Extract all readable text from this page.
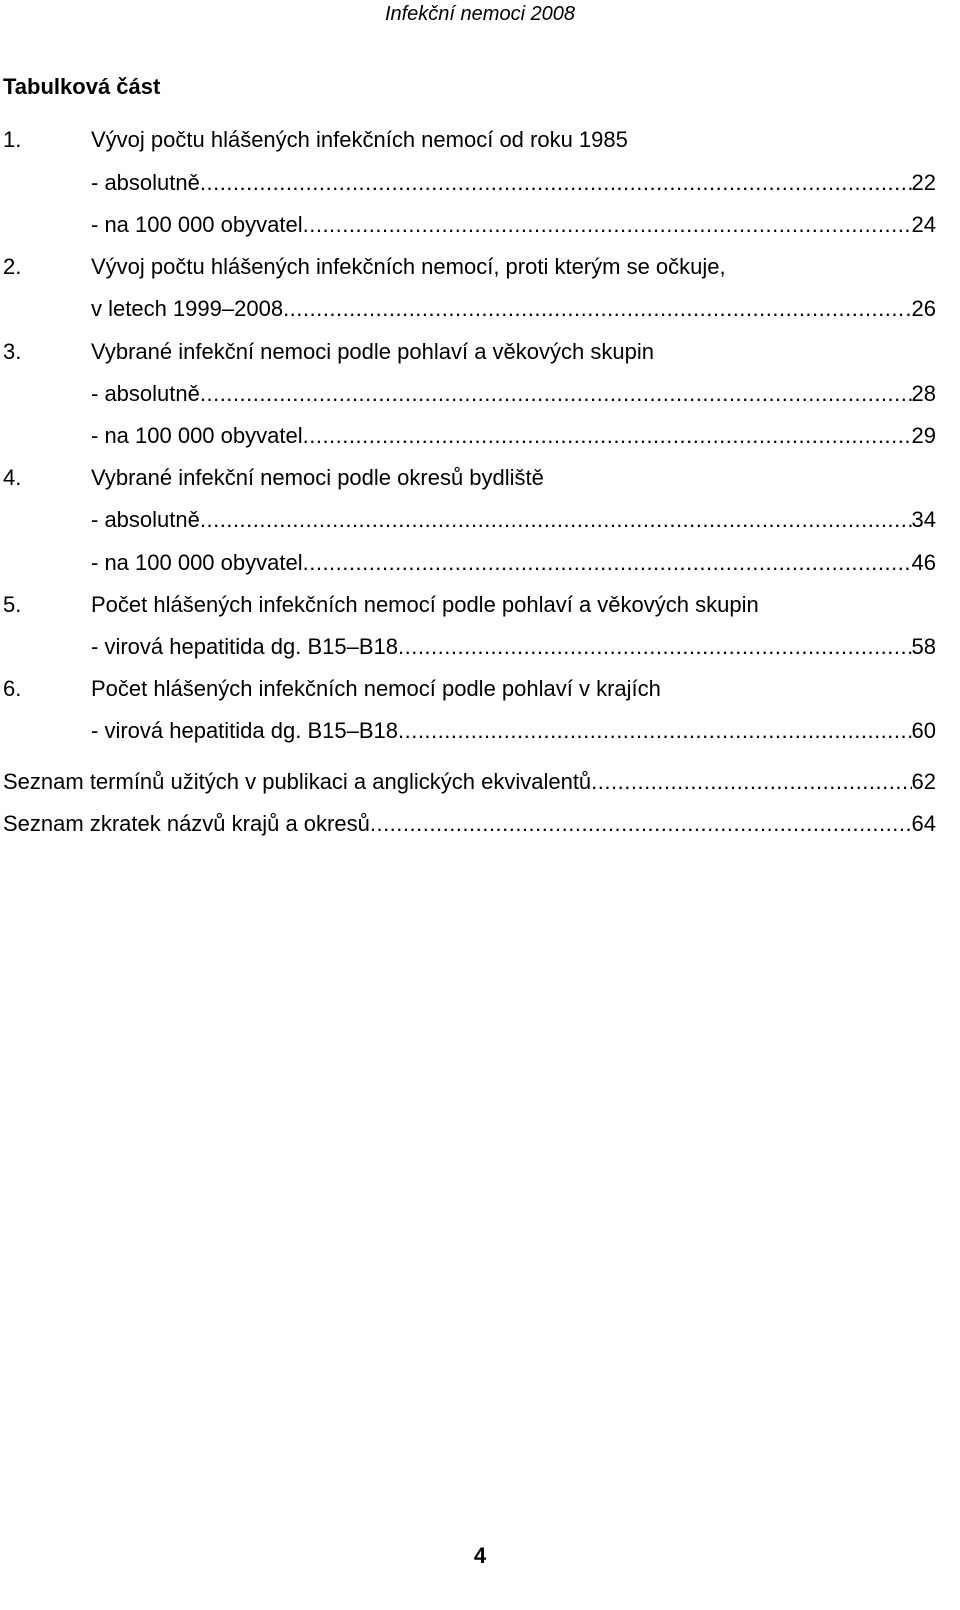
Infekční nemoci 2008
Tabulková část
1.	Vývoj počtu hlášených infekčních nemocí od roku 1985
- absolutně .....	22
- na 100 000 obyvatel .....	24
2.	Vývoj počtu hlášených infekčních nemocí, proti kterým se očkuje,
v letech 1999–2008 .....	.26
3.	Vybrané infekční nemoci podle pohlaví a věkových skupin
- absolutně .....	28
- na 100 000 obyvatel .....	29
4.	Vybrané infekční nemoci podle okresů bydliště
- absolutně .....	34
- na 100 000 obyvatel .....	46
5.	Počet hlášených infekčních nemocí podle pohlaví a věkových skupin
- virová hepatitida dg. B15–B18 .....	58
6.	Počet hlášených infekčních nemocí podle pohlaví v krajích
- virová hepatitida dg. B15–B18 .....	60
Seznam termínů užitých v publikaci a anglických ekvivalentů .....	62
Seznam zkratek názvů krajů a okresů .....	64
4
